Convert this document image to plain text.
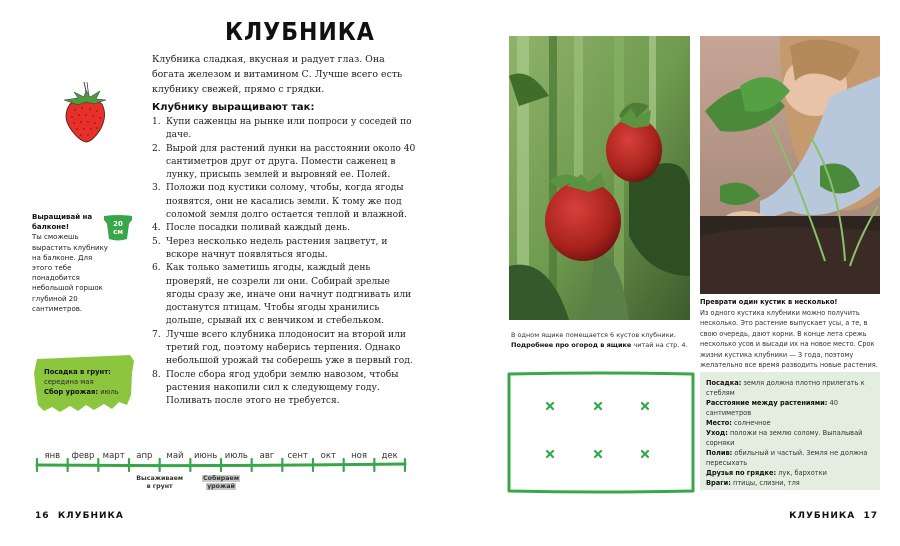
КЛУБНИКА

Клубника сладкая, вкусная и радует глаз. Она богата железом и витамином С. Лучше всего есть клубнику свежей, прямо с грядки.

Клубнику выращивают так:
1. Купи саженцы на рынке или попроси у соседей по даче.
2. Вырой для растений лунки на расстоянии около 40 сантиметров друг от друга. Помести саженец в лунку, присыпь землей и выровняй ее. Полей.
3. Положи под кустики солому, чтобы, когда ягоды появятся, они не касались земли. К тому же под соломой земля долго остается теплой и влажной.
4. После посадки поливай каждый день.
5. Через несколько недель растения зацветут, и вскоре начнут появляться ягоды.
6. Как только заметишь ягоды, каждый день проверяй, не созрели ли они. Собирай зрелые ягоды сразу же, иначе они начнут подгнивать или достанутся птицам. Чтобы ягоды хранились дольше, срывай их с венчиком и стебельком.
7. Лучше всего клубника плодоносит на второй или третий год, поэтому наберись терпения. Однако небольшой урожай ты соберешь уже в первый год.
8. После сбора ягод удобри землю навозом, чтобы растения накопили сил к следующему году. Поливать после этого не требуется.
Выращивай на балконе!
Ты сможешь вырастить клубнику на балконе. Для этого тебе понадобится небольшой горшок глубиной 20 сантиметров.
20
см
Посадка в грунт: середина мая
Сбор урожая: июль
янв	февр март	апр	май	июнь июль	авг	сент	окт	ноя	дек
Высаживаем
в грунт
Собираем
урожай
16 КЛУБНИКА
В одном ящике помещается 6 кустов клубники.
Подробнее про огород в ящике читай на стр. 4.
Преврати один кустик в несколько!
Из одного кустика клубники можно получить несколько. Это растение выпускает усы, а те, в свою очередь, дают корни. В конце лета срежь несколько усов и высади их на новое место. Срок жизни кустика клубники — 3 года, поэтому желательно все время разводить новые растения.
Посадка: земля должна плотно прилегать к стеблям
Расстояние между растениями: 40 сантиметров
Место: солнечное
Уход: положи на землю солому. Выпалывай сорняки
Полив: обильный и частый. Земля не должна пересыхать
Друзья по грядке: лук, бархотки
Враги: птицы, слизни, тля
КЛУБНИКА 17
